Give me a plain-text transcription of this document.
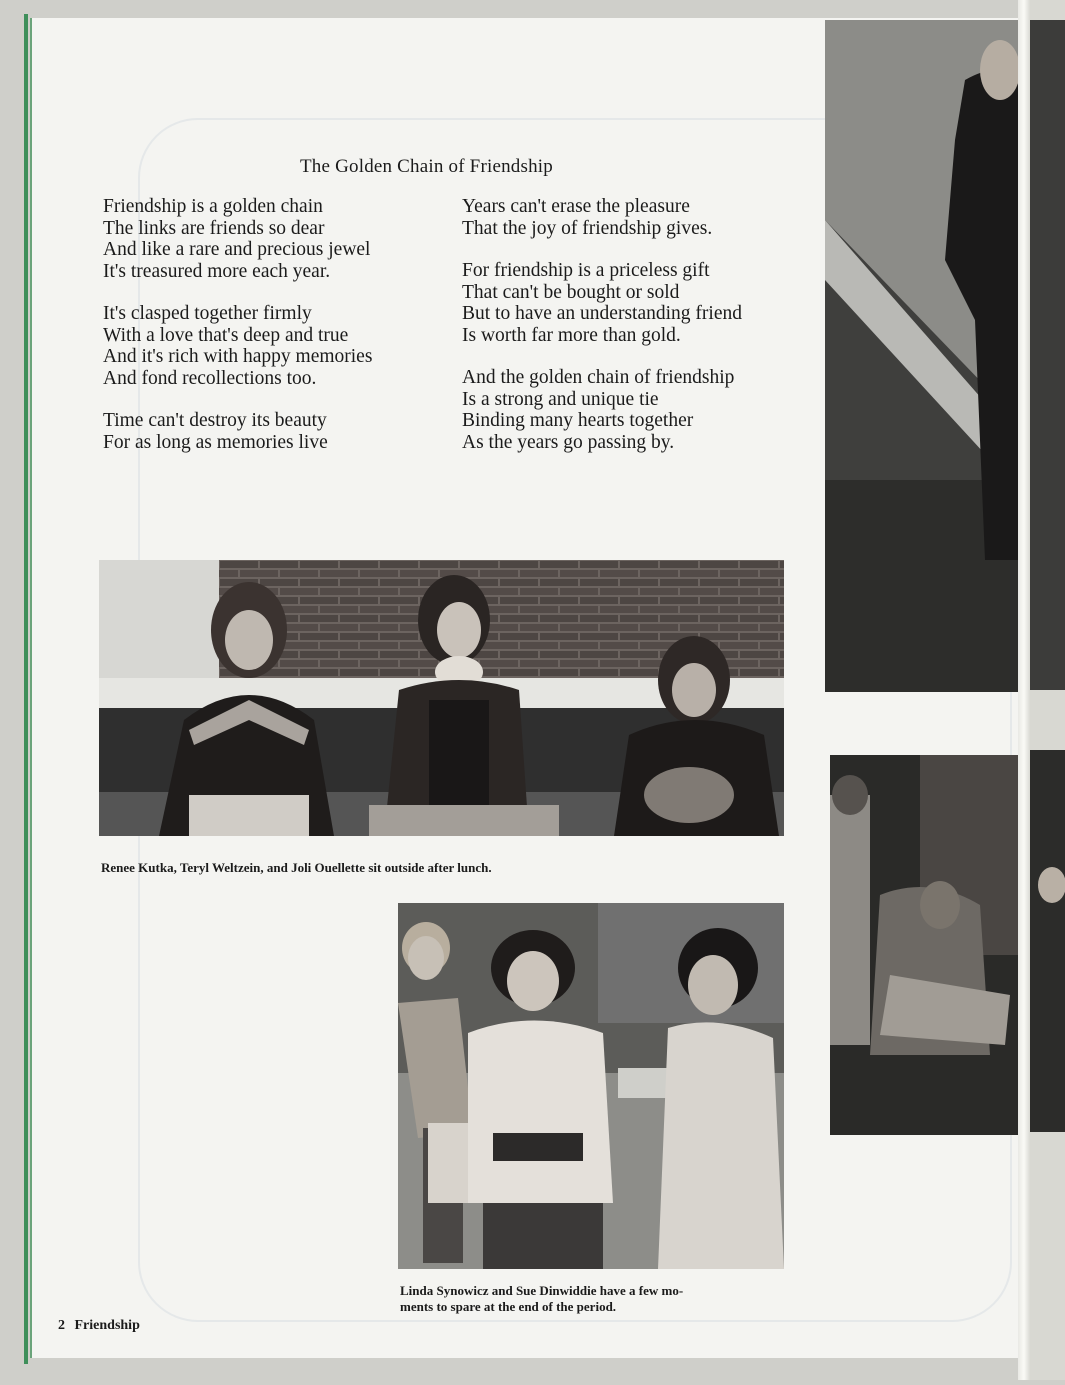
The Golden Chain of Friendship
Friendship is a golden chain
The links are friends so dear
And like a rare and precious jewel
It's treasured more each year.
It's clasped together firmly
With a love that's deep and true
And it's rich with happy memories
And fond recollections too.
Time can't destroy its beauty
For as long as memories live
Years can't erase the pleasure
That the joy of friendship gives.
For friendship is a priceless gift
That can't be bought or sold
But to have an understanding friend
Is worth far more than gold.
And the golden chain of friendship
Is a strong and unique tie
Binding many hearts together
As the years go passing by.
Renee Kutka, Teryl Weltzein, and Joli Ouellette sit outside after lunch.
Linda Synowicz and Sue Dinwiddie have a few mo-
ments to spare at the end of the period.
2 Friendship
